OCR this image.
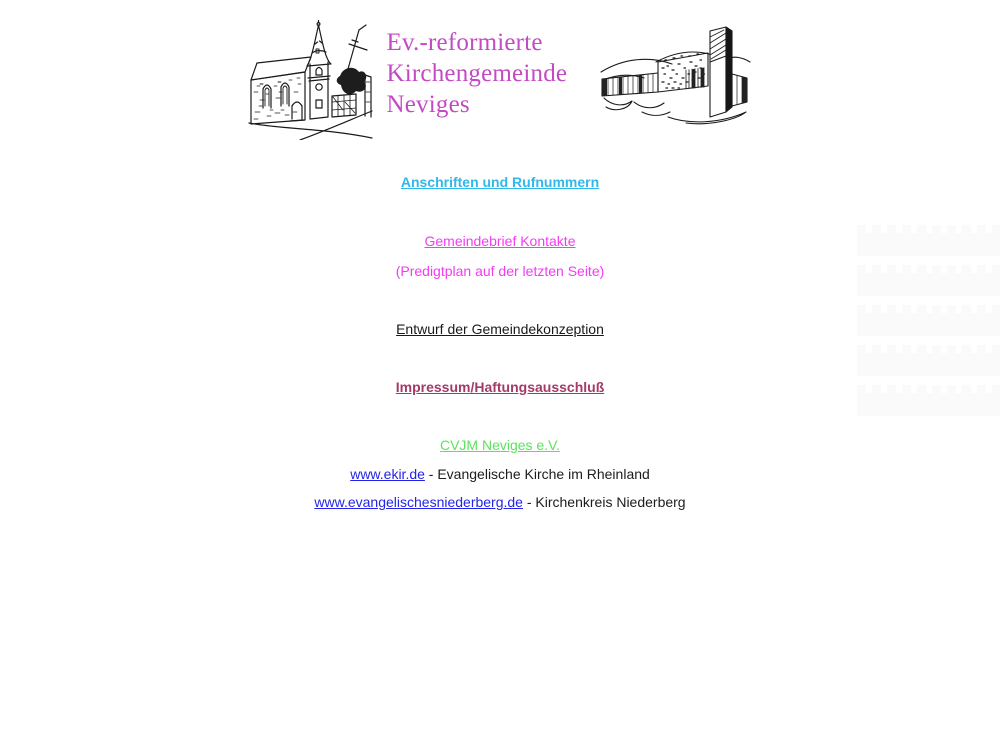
Ev.-reformierte
Kirchengemeinde
Neviges

Anschriften und Rufnummern

Gemeindebrief Kontakte

(Predigtplan auf der letzten Seite)

Entwurf der Gemeindekonzeption

Impressum/Haftungsausschluß

CVJM Neviges e.V.

www.ekir.de - Evangelische Kirche im Rheinland

www.evangelischesniederberg.de - Kirchenkreis Niederberg
